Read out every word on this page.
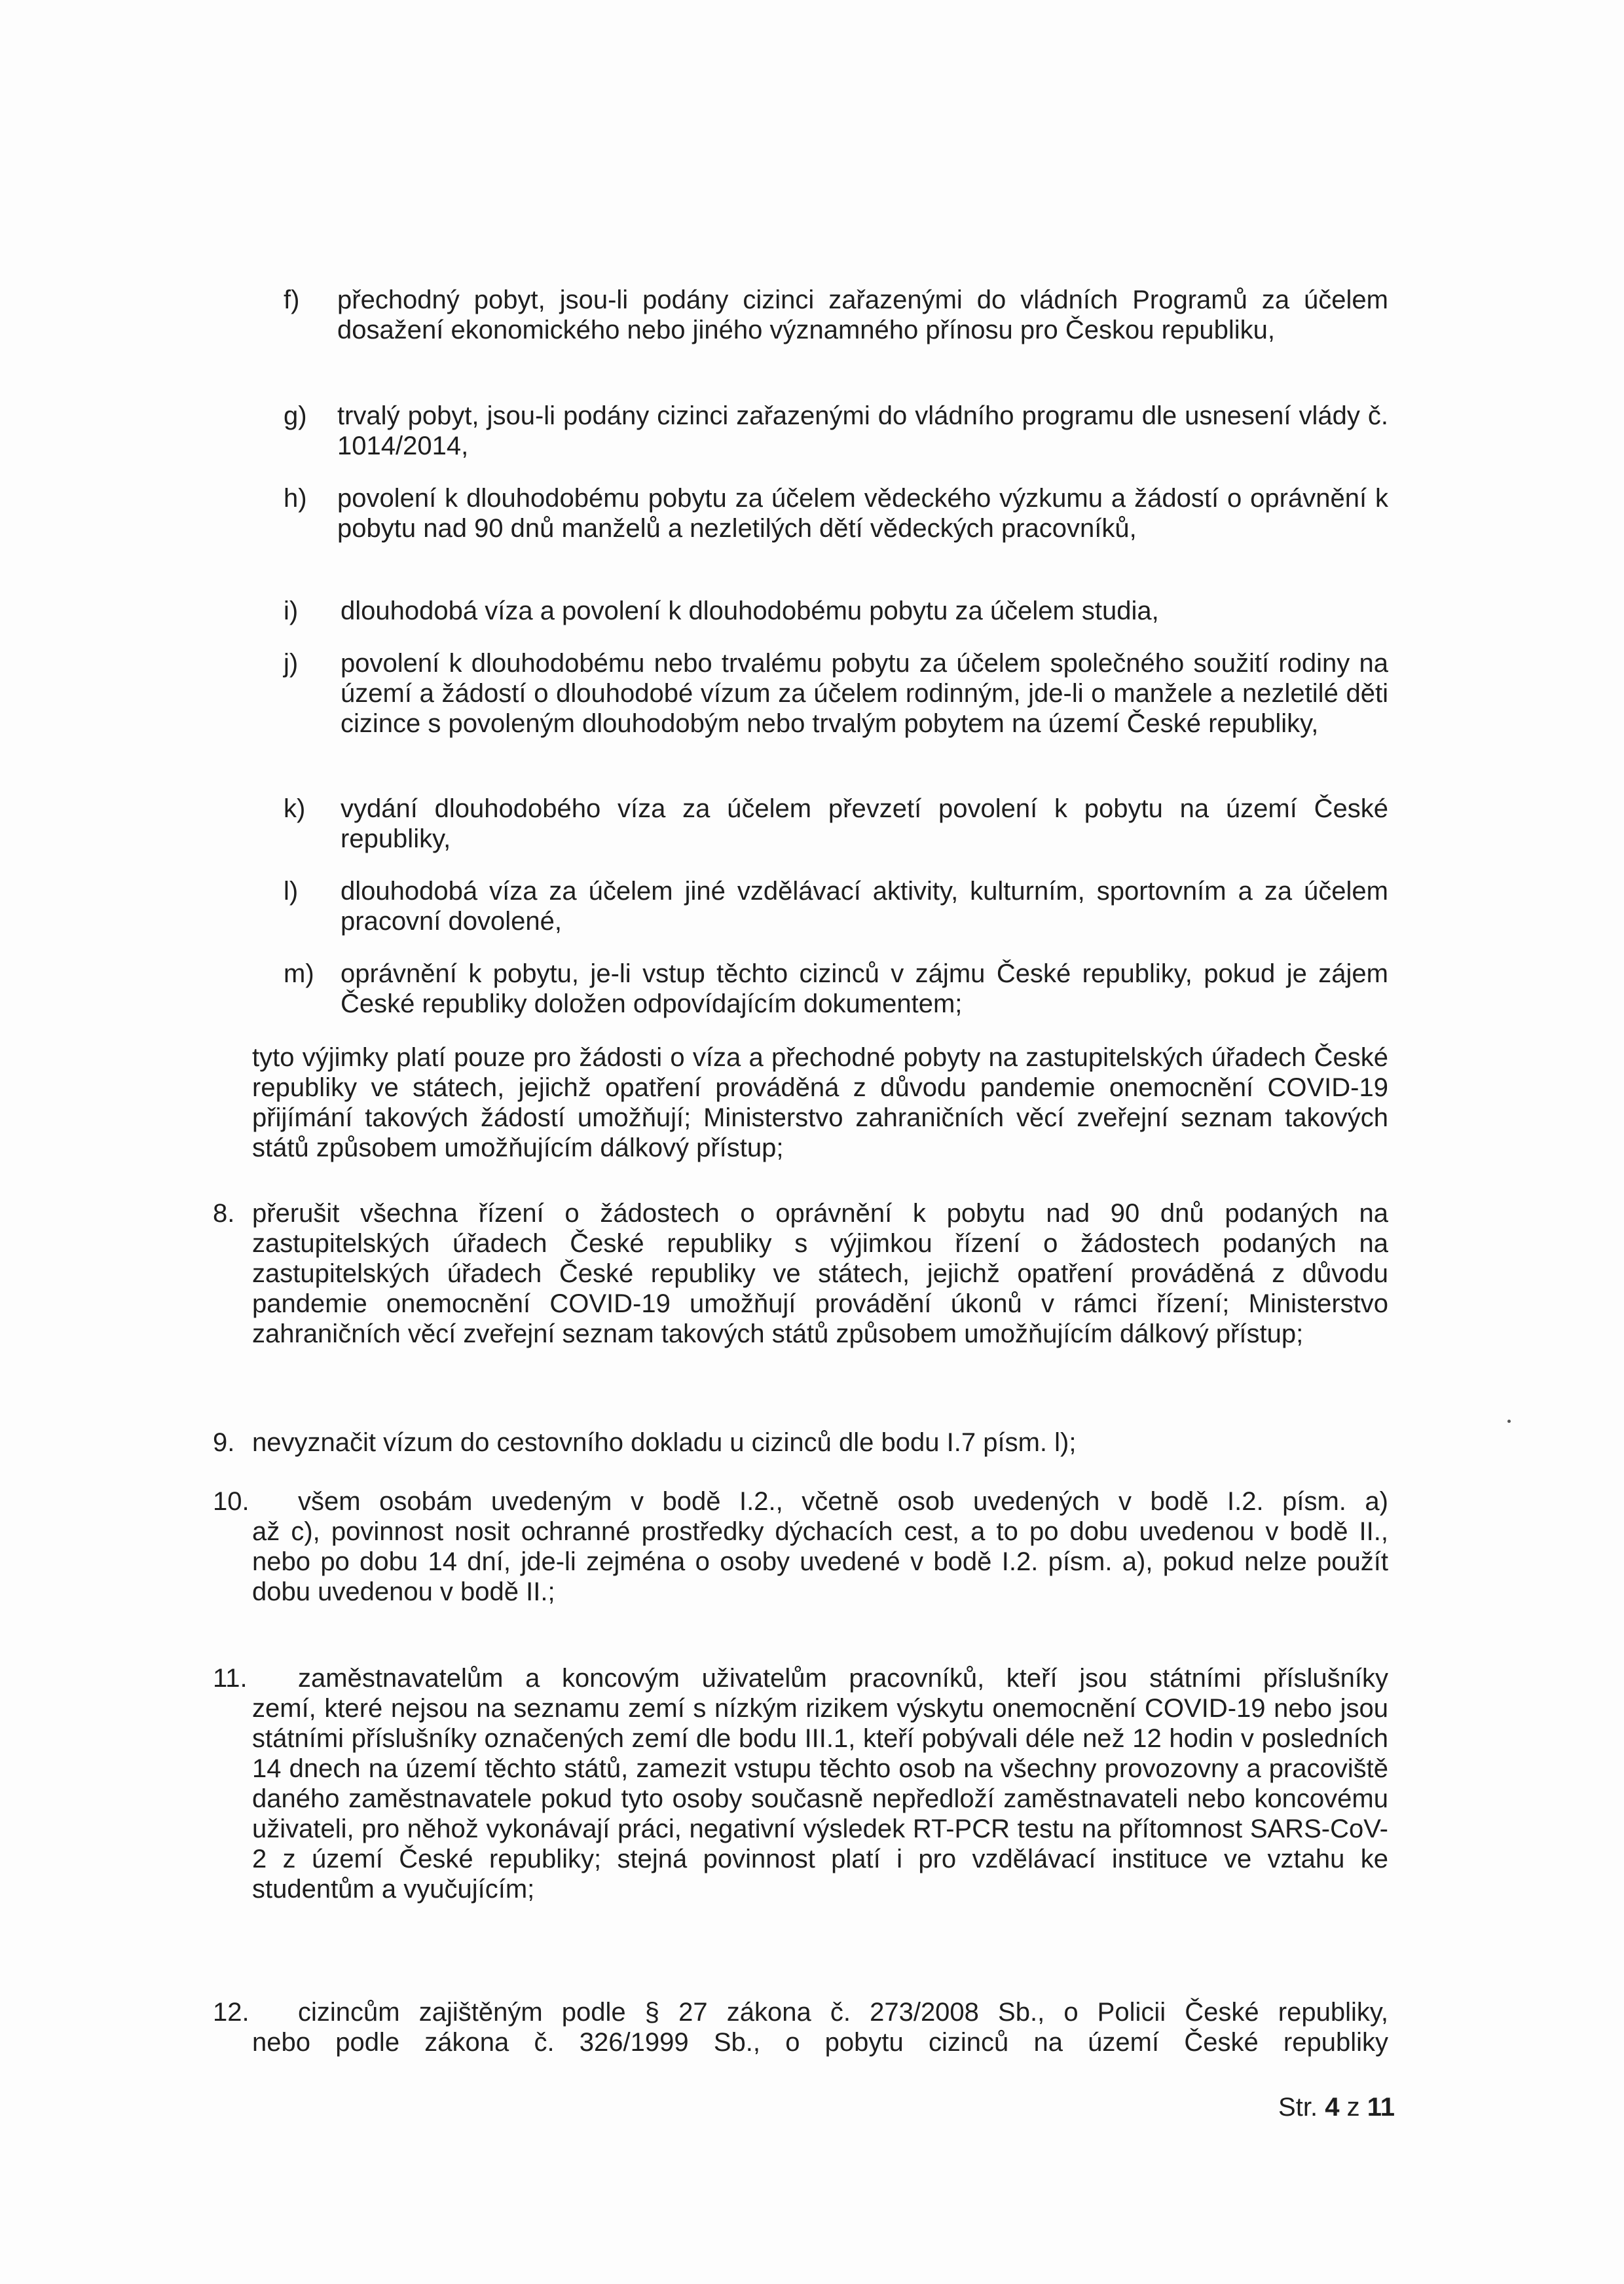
f) přechodný pobyt, jsou-li podány cizinci zařazenými do vládních Programů za účelem dosažení ekonomického nebo jiného významného přínosu pro Českou republiku,
g) trvalý pobyt, jsou-li podány cizinci zařazenými do vládního programu dle usnesení vlády č. 1014/2014,
h) povolení k dlouhodobému pobytu za účelem vědeckého výzkumu a žádostí o oprávnění k pobytu nad 90 dnů manželů a nezletilých dětí vědeckých pracovníků,
i) dlouhodobá víza a povolení k dlouhodobému pobytu za účelem studia,
j) povolení k dlouhodobému nebo trvalému pobytu za účelem společného soužití rodiny na území a žádostí o dlouhodobé vízum za účelem rodinným, jde-li o manžele a nezletilé děti cizince s povoleným dlouhodobým nebo trvalým pobytem na území České republiky,
k) vydání dlouhodobého víza za účelem převzetí povolení k pobytu na území České republiky,
l) dlouhodobá víza za účelem jiné vzdělávací aktivity, kulturním, sportovním a za účelem pracovní dovolené,
m) oprávnění k pobytu, je-li vstup těchto cizinců v zájmu České republiky, pokud je zájem České republiky doložen odpovídajícím dokumentem;
tyto výjimky platí pouze pro žádosti o víza a přechodné pobyty na zastupitelských úřadech České republiky ve státech, jejichž opatření prováděná z důvodu pandemie onemocnění COVID-19 přijímání takových žádostí umožňují; Ministerstvo zahraničních věcí zveřejní seznam takových států způsobem umožňujícím dálkový přístup;
8. přerušit všechna řízení o žádostech o oprávnění k pobytu nad 90 dnů podaných na zastupitelských úřadech České republiky s výjimkou řízení o žádostech podaných na zastupitelských úřadech České republiky ve státech, jejichž opatření prováděná z důvodu pandemie onemocnění COVID-19 umožňují provádění úkonů v rámci řízení; Ministerstvo zahraničních věcí zveřejní seznam takových států způsobem umožňujícím dálkový přístup;
9. nevyznačit vízum do cestovního dokladu u cizinců dle bodu I.7 písm. l);
10. všem osobám uvedeným v bodě I.2., včetně osob uvedených v bodě I.2. písm. a)
až c), povinnost nosit ochranné prostředky dýchacích cest, a to po dobu uvedenou v bodě II., nebo po dobu 14 dní, jde-li zejména o osoby uvedené v bodě I.2. písm. a), pokud nelze použít dobu uvedenou v bodě II.;
11. zaměstnavatelům a koncovým uživatelům pracovníků, kteří jsou státními příslušníky
zemí, které nejsou na seznamu zemí s nízkým rizikem výskytu onemocnění COVID-19 nebo jsou státními příslušníky označených zemí dle bodu III.1, kteří pobývali déle než 12 hodin v posledních 14 dnech na území těchto států, zamezit vstupu těchto osob na všechny provozovny a pracoviště daného zaměstnavatele pokud tyto osoby současně nepředloží zaměstnavateli nebo koncovému uživateli, pro něhož vykonávají práci, negativní výsledek RT-PCR testu na přítomnost SARS-CoV-2 z území České republiky; stejná povinnost platí i pro vzdělávací instituce ve vztahu ke studentům a vyučujícím;
12. cizincům zajištěným podle § 27 zákona č. 273/2008 Sb., o Policii České republiky,
nebo podle zákona č. 326/1999 Sb., o pobytu cizinců na území České republiky
Str. 4 z 11
